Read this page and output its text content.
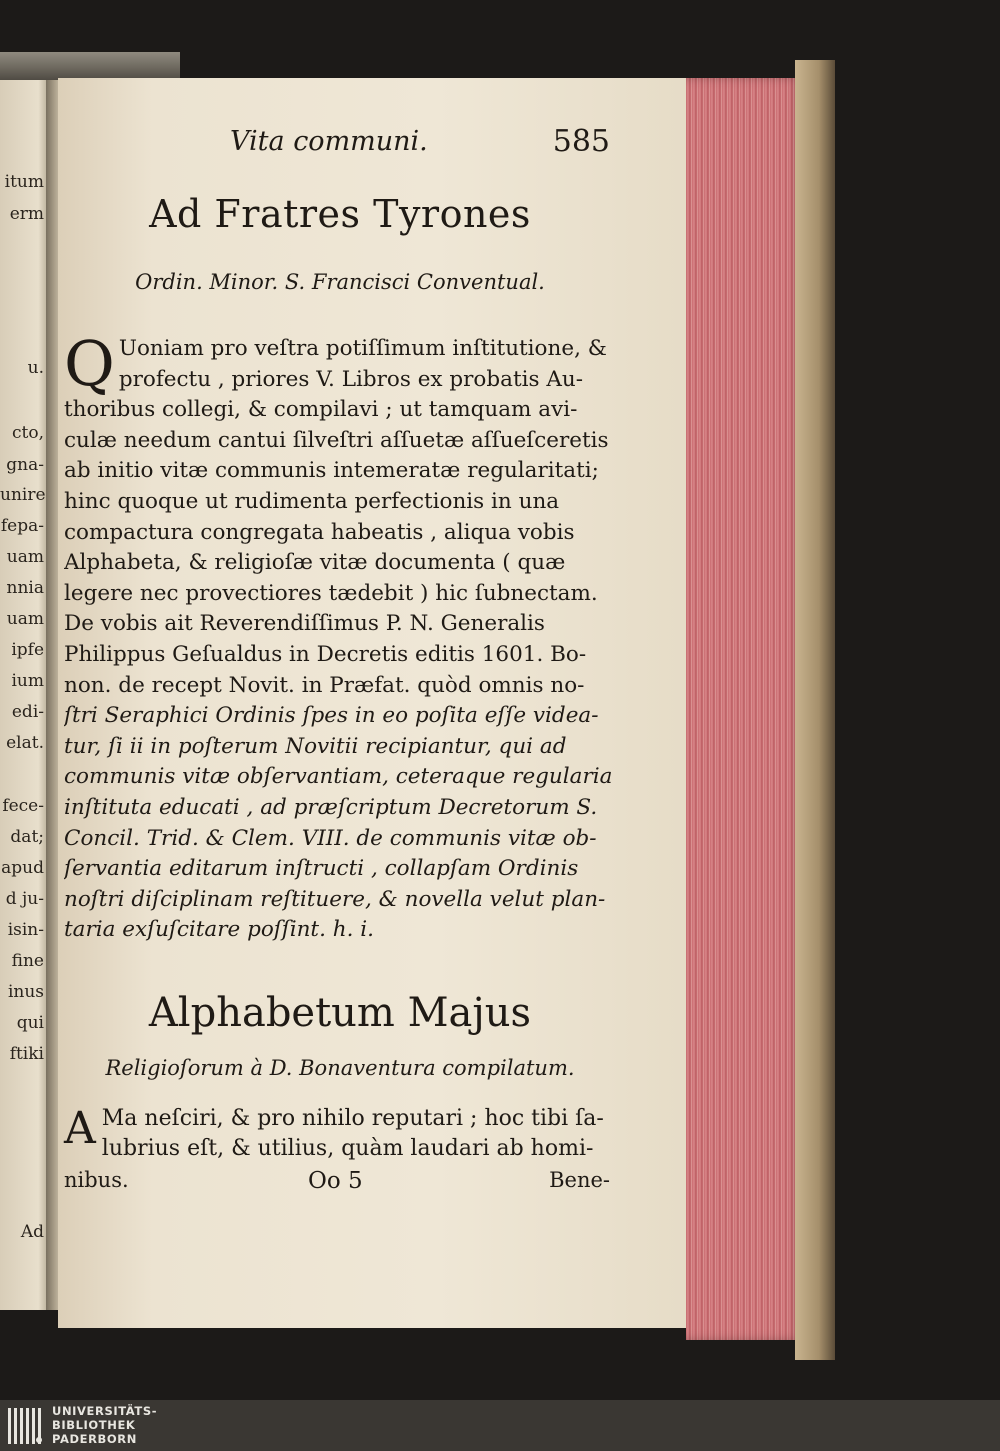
itum
erm
u.
cto,
gna-
unire
fepa-
uam
nnia
uam
ipfe
ium
edi-
elat.
fece-
dat;
apud
d ju-
isin-
fine
inus
qui
ftiki
Ad
Vita communi.	585
Ad Fratres Tyrones
Ordin. Minor. S. Francisci Conventual.
Q Uoniam pro veſtra potiſſimum inſtitutione, &
profectu , priores V. Libros ex probatis Au-
thoribus collegi, & compilavi ; ut tamquam avi-
culæ needum cantui ſilveſtri aſſuetæ aſſueſceretis
ab initio vitæ communis intemeratæ regularitati;
hinc quoque ut rudimenta perfectionis in una
compactura congregata habeatis , aliqua vobis
Alphabeta, & religioſæ vitæ documenta ( quæ
legere nec provectiores tædebit ) hic ſubnectam.
De vobis ait Reverendiſſimus P. N. Generalis
Philippus Geſualdus in Decretis editis 1601. Bo-
non. de recept Novit. in Præfat. quòd omnis no-
ſtri Seraphici Ordinis ſpes in eo poſita eſſe videa-
tur, ſi ii in poſterum Novitii recipiantur, qui ad
communis vitæ obſervantiam, ceteraque regularia
inſtituta educati , ad præſcriptum Decretorum S.
Concil. Trid. & Clem. VIII. de communis vitæ ob-
ſervantia editarum inſtructi , collapſam Ordinis
noſtri diſciplinam reſtituere, & novella velut plan-
taria exſuſcitare poſſint. h. i.
Alphabetum Majus
Religioſorum à D. Bonaventura compilatum.
A Ma neſciri, & pro nihilo reputari ; hoc tibi ſa-
lubrius eſt, & utilius, quàm laudari ab homi-
nibus.	Oo 5	Bene-
UNIVERSITÄTS-
BIBLIOTHEK
PADERBORN
